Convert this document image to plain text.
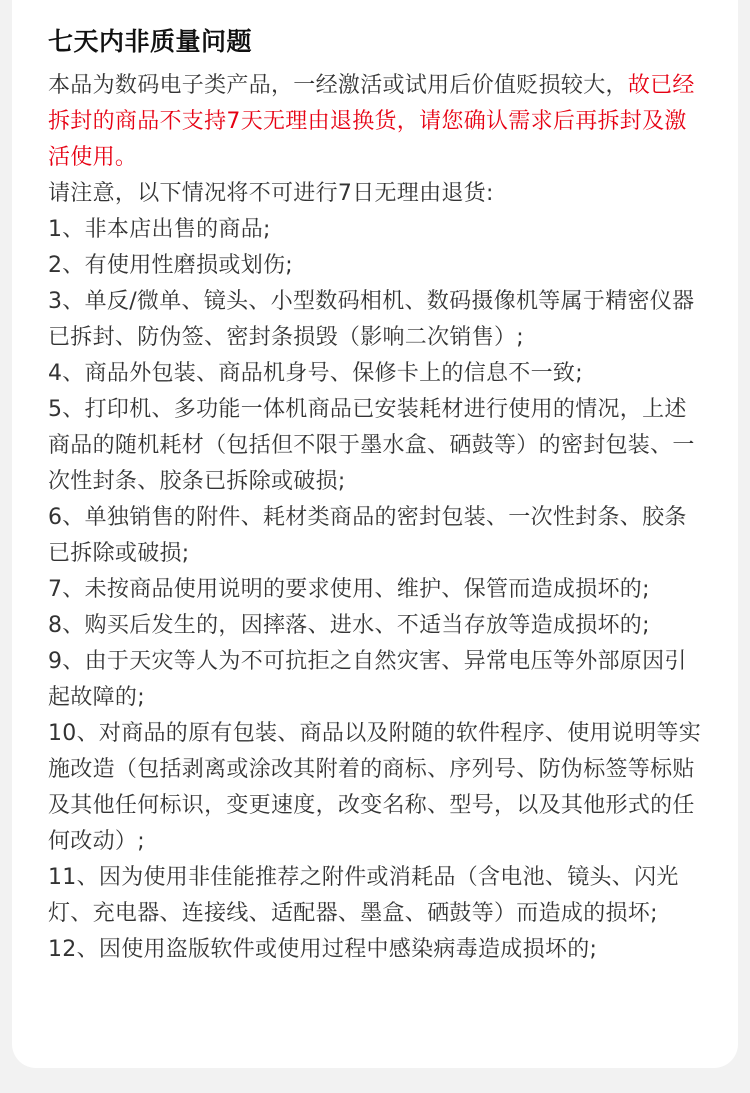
七天内非质量问题

本品为数码电子类产品，一经激活或试用后价值贬损较大，故已经拆封的商品不支持7天无理由退换货，请您确认需求后再拆封及激活使用。

请注意，以下情况将不可进行7日无理由退货:

1、非本店出售的商品;
2、有使用性磨损或划伤;
3、单反/微单、镜头、小型数码相机、数码摄像机等属于精密仪器已拆封、防伪签、密封条损毁（影响二次销售）;
4、商品外包装、商品机身号、保修卡上的信息不一致;
5、打印机、多功能一体机商品已安装耗材进行使用的情况，上述商品的随机耗材（包括但不限于墨水盒、硒鼓等）的密封包装、一次性封条、胶条已拆除或破损;
6、单独销售的附件、耗材类商品的密封包装、一次性封条、胶条已拆除或破损;
7、未按商品使用说明的要求使用、维护、保管而造成损坏的;
8、购买后发生的，因摔落、进水、不适当存放等造成损坏的;
9、由于天灾等人为不可抗拒之自然灾害、异常电压等外部原因引起故障的;
10、对商品的原有包装、商品以及附随的软件程序、使用说明等实施改造（包括剥离或涂改其附着的商标、序列号、防伪标签等标贴及其他任何标识，变更速度，改变名称、型号，以及其他形式的任何改动）;
11、因为使用非佳能推荐之附件或消耗品（含电池、镜头、闪光灯、充电器、连接线、适配器、墨盒、硒鼓等）而造成的损坏;
12、因使用盗版软件或使用过程中感染病毒造成损坏的;
